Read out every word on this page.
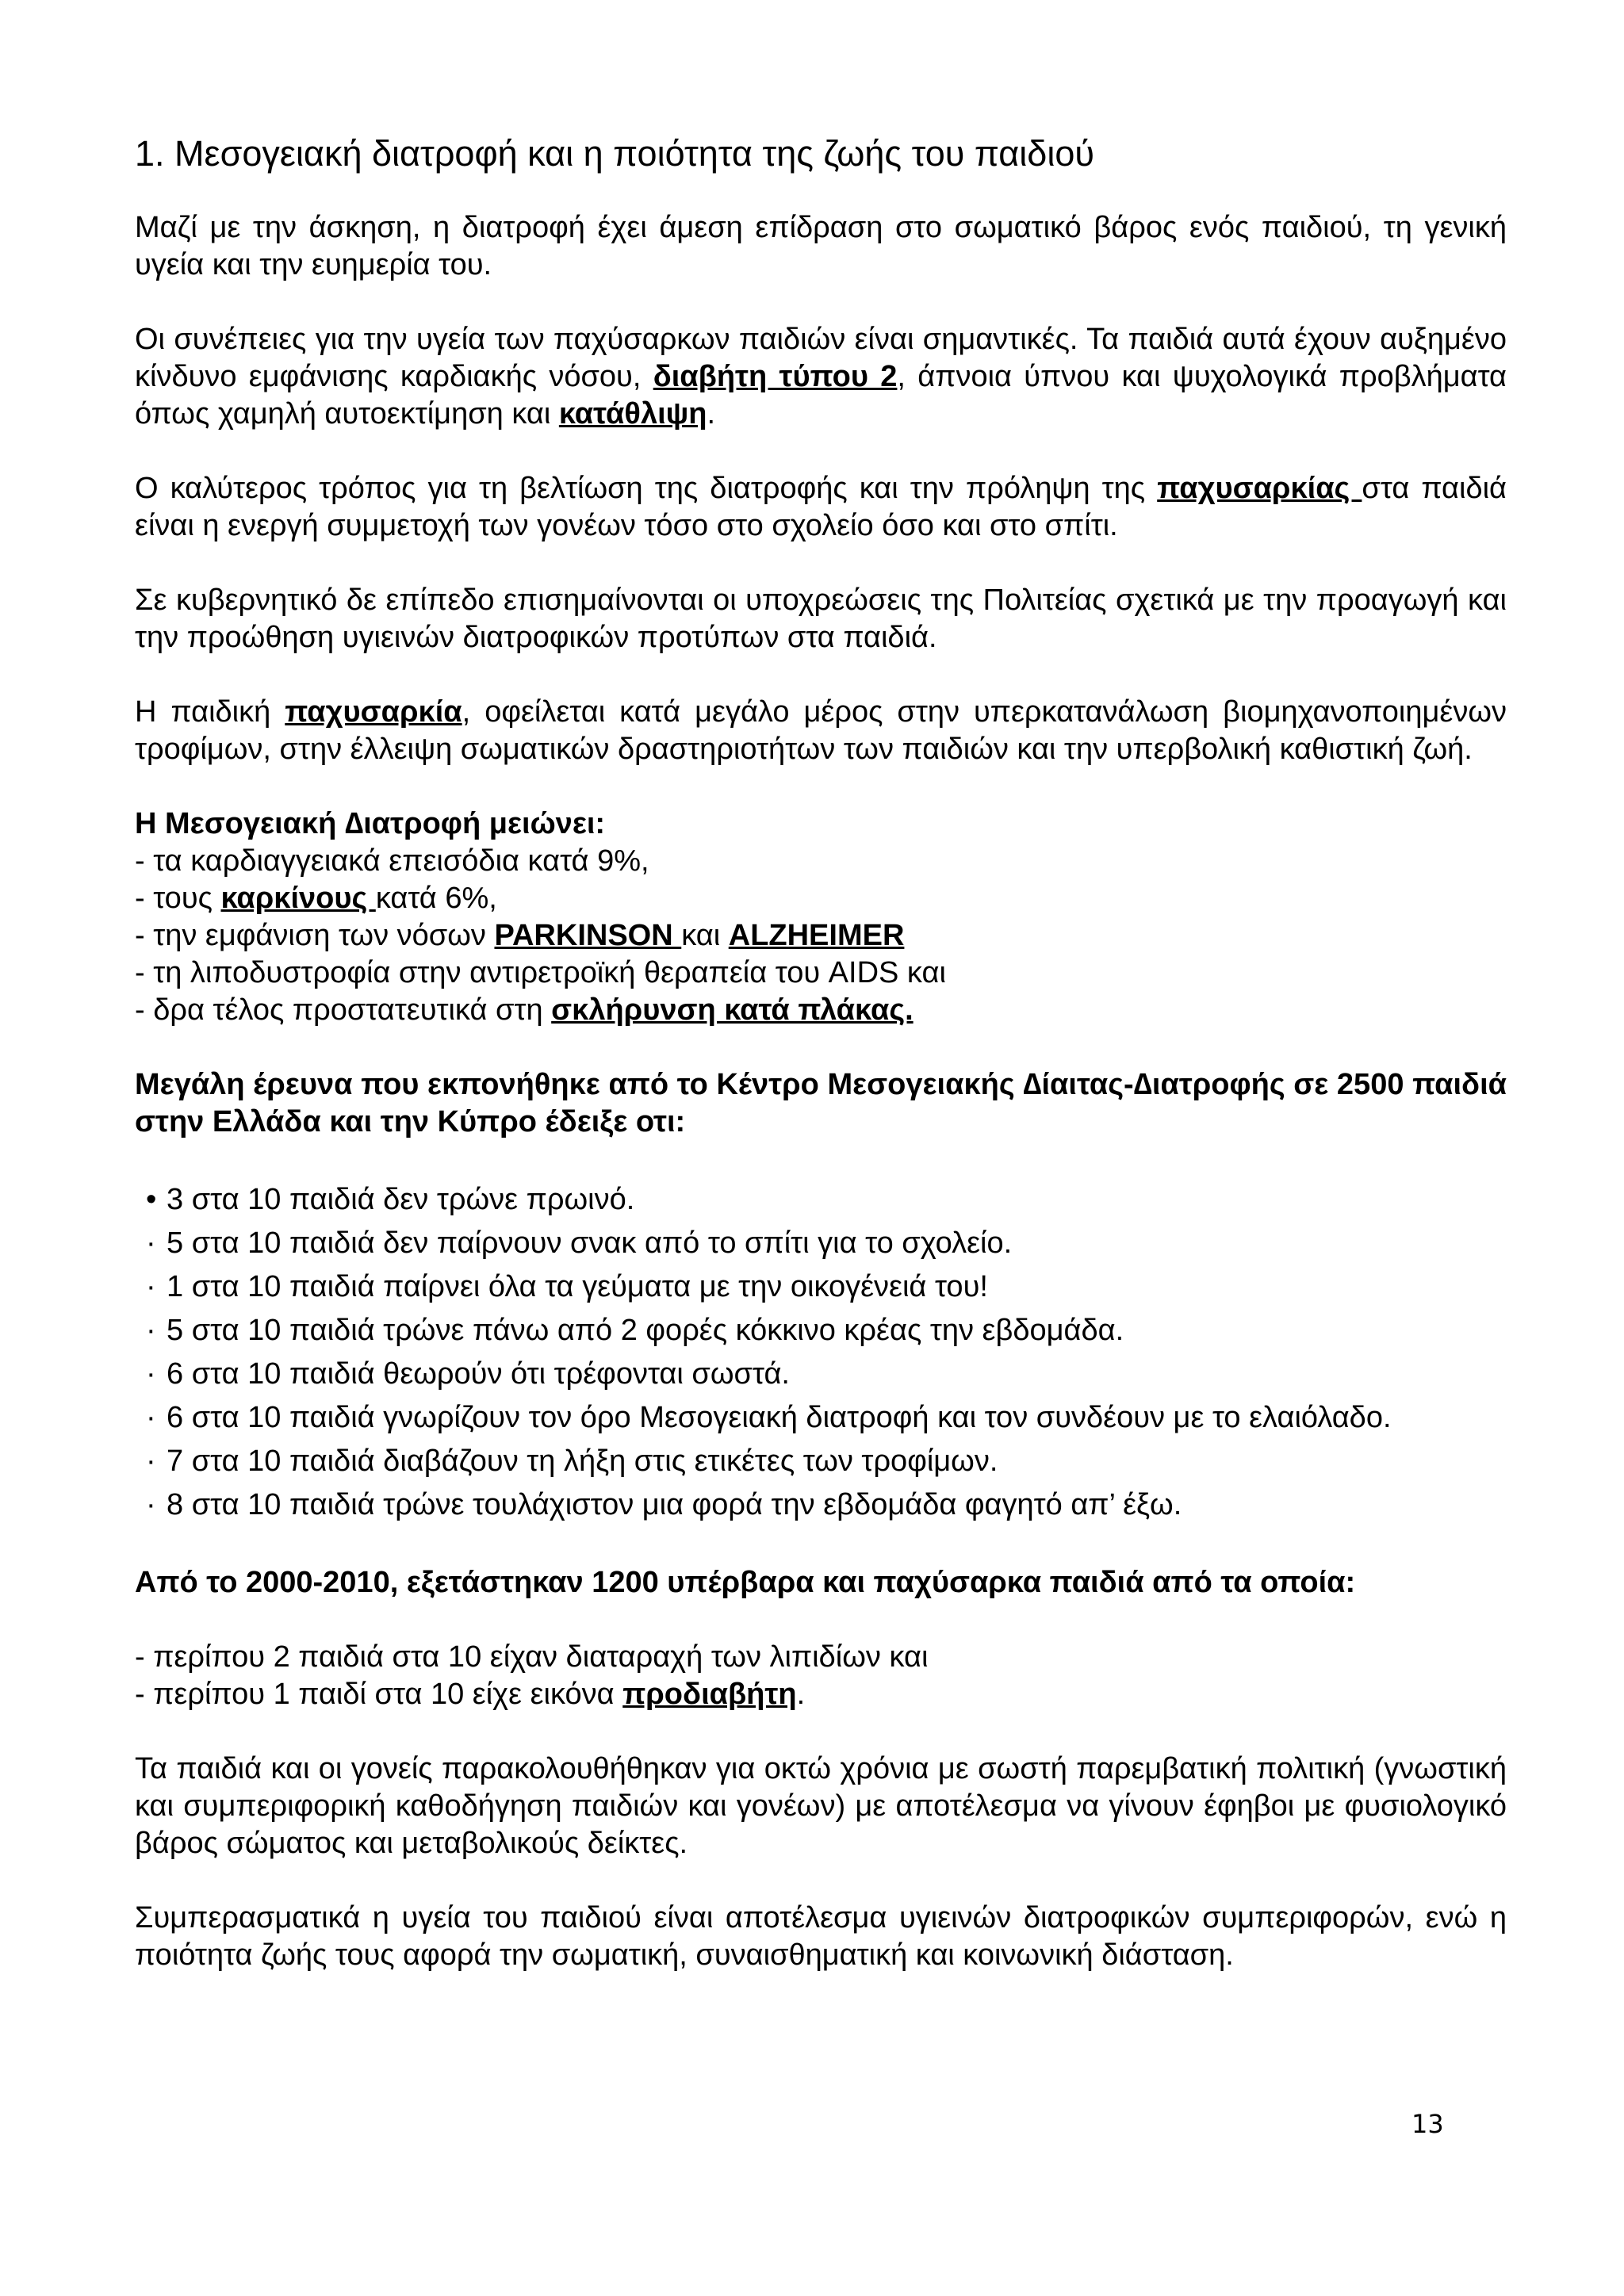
1. Μεσογειακή διατροφή και η ποιότητα της ζωής του παιδιού

Μαζί με την άσκηση, η διατροφή έχει άμεση επίδραση στο σωματικό βάρος ενός παιδιού, τη γενική υγεία και την ευημερία του.

Οι συνέπειες για την υγεία των παχύσαρκων παιδιών είναι σημαντικές. Τα παιδιά αυτά έχουν αυξημένο κίνδυνο εμφάνισης καρδιακής νόσου, διαβήτη τύπου 2, άπνοια ύπνου και ψυχολογικά προβλήματα όπως χαμηλή αυτοεκτίμηση και κατάθλιψη.

Ο καλύτερος τρόπος για τη βελτίωση της διατροφής και την πρόληψη της παχυσαρκίας στα παιδιά είναι η ενεργή συμμετοχή των γονέων τόσο στο σχολείο όσο και στο σπίτι.

Σε κυβερνητικό δε επίπεδο επισημαίνονται οι υποχρεώσεις της Πολιτείας σχετικά με την προαγωγή και την προώθηση υγιεινών διατροφικών προτύπων στα παιδιά.

Η παιδική παχυσαρκία, οφείλεται κατά μεγάλο μέρος στην υπερκατανάλωση βιομηχανοποιημένων τροφίμων, στην έλλειψη σωματικών δραστηριοτήτων των παιδιών και την υπερβολική καθιστική ζωή.

Η Μεσογειακή ∆ιατροφή μειώνει:
- τα καρδιαγγειακά επεισόδια κατά 9%,
- τους καρκίνους κατά 6%,
- την εμφάνιση των νόσων PARKINSON και ALZHEIMER
- τη λιποδυστροφία στην αντιρετροϊκή θεραπεία του AIDS και
- δρα τέλος προστατευτικά στη σκλήρυνση κατά πλάκας.

Μεγάλη έρευνα που εκπονήθηκε από το Κέντρο Μεσογειακής ∆ίαιτας-∆ιατροφής σε 2500 παιδιά στην Ελλάδα και την Κύπρο έδειξε οτι:

• 3 στα 10 παιδιά δεν τρώνε πρωινό.
· 5 στα 10 παιδιά δεν παίρνουν σνακ από το σπίτι για το σχολείο.
· 1 στα 10 παιδιά παίρνει όλα τα γεύματα με την οικογένειά του!
· 5 στα 10 παιδιά τρώνε πάνω από 2 φορές κόκκινο κρέας την εβδομάδα.
· 6 στα 10 παιδιά θεωρούν ότι τρέφονται σωστά.
· 6 στα 10 παιδιά γνωρίζουν τον όρο Μεσογειακή διατροφή και τον συνδέουν με το ελαιόλαδο.
· 7 στα 10 παιδιά διαβάζουν τη λήξη στις ετικέτες των τροφίμων.
· 8 στα 10 παιδιά τρώνε τουλάχιστον μια φορά την εβδομάδα φαγητό απ’ έξω.

Από το 2000-2010, εξετάστηκαν 1200 υπέρβαρα και παχύσαρκα παιδιά από τα οποία:

- περίπου 2 παιδιά στα 10 είχαν διαταραχή των λιπιδίων και
- περίπου 1 παιδί στα 10 είχε εικόνα προδιαβήτη.

Τα παιδιά και οι γονείς παρακολουθήθηκαν για οκτώ χρόνια με σωστή παρεμβατική πολιτική (γνωστική και συμπεριφορική καθοδήγηση παιδιών και γονέων) με αποτέλεσμα να γίνουν έφηβοι με φυσιολογικό βάρος σώματος και μεταβολικούς δείκτες.

Συμπερασματικά η υγεία του παιδιού είναι αποτέλεσμα υγιεινών διατροφικών συμπεριφορών, ενώ η ποιότητα ζωής τους αφορά την σωματική, συναισθηματική και κοινωνική διάσταση.

13
